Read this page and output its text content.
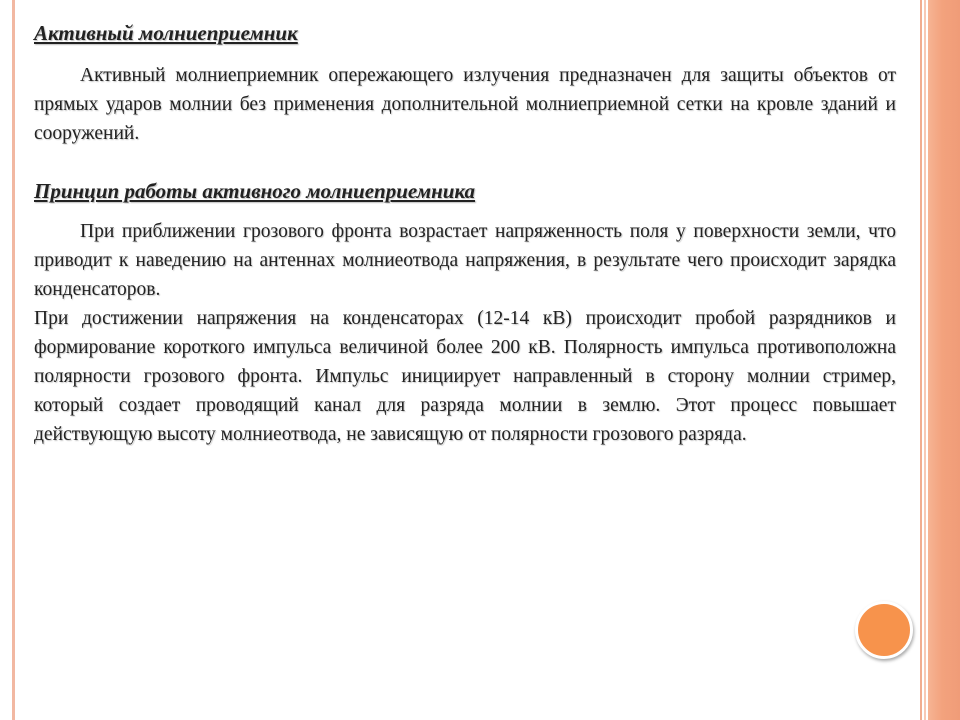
Активный молниеприемник

Активный молниеприемник опережающего излучения предназначен для защиты объектов от прямых ударов молнии без применения дополнительной молниеприемной сетки на кровле зданий и сооружений.

Принцип работы активного молниеприемника

При приближении грозового фронта возрастает напряженность поля у поверхности земли, что приводит к наведению на антеннах молниеотвода напряжения, в результате чего происходит зарядка конденсаторов.

При достижении напряжения на конденсаторах (12-14 кВ) происходит пробой разрядников и формирование короткого импульса величиной более 200 кВ. Полярность импульса противоположна полярности грозового фронта. Импульс инициирует направленный в сторону молнии стример, который создает проводящий канал для разряда молнии в землю. Этот процесс повышает действующую высоту молниеотвода, не зависящую от полярности грозового разряда.
